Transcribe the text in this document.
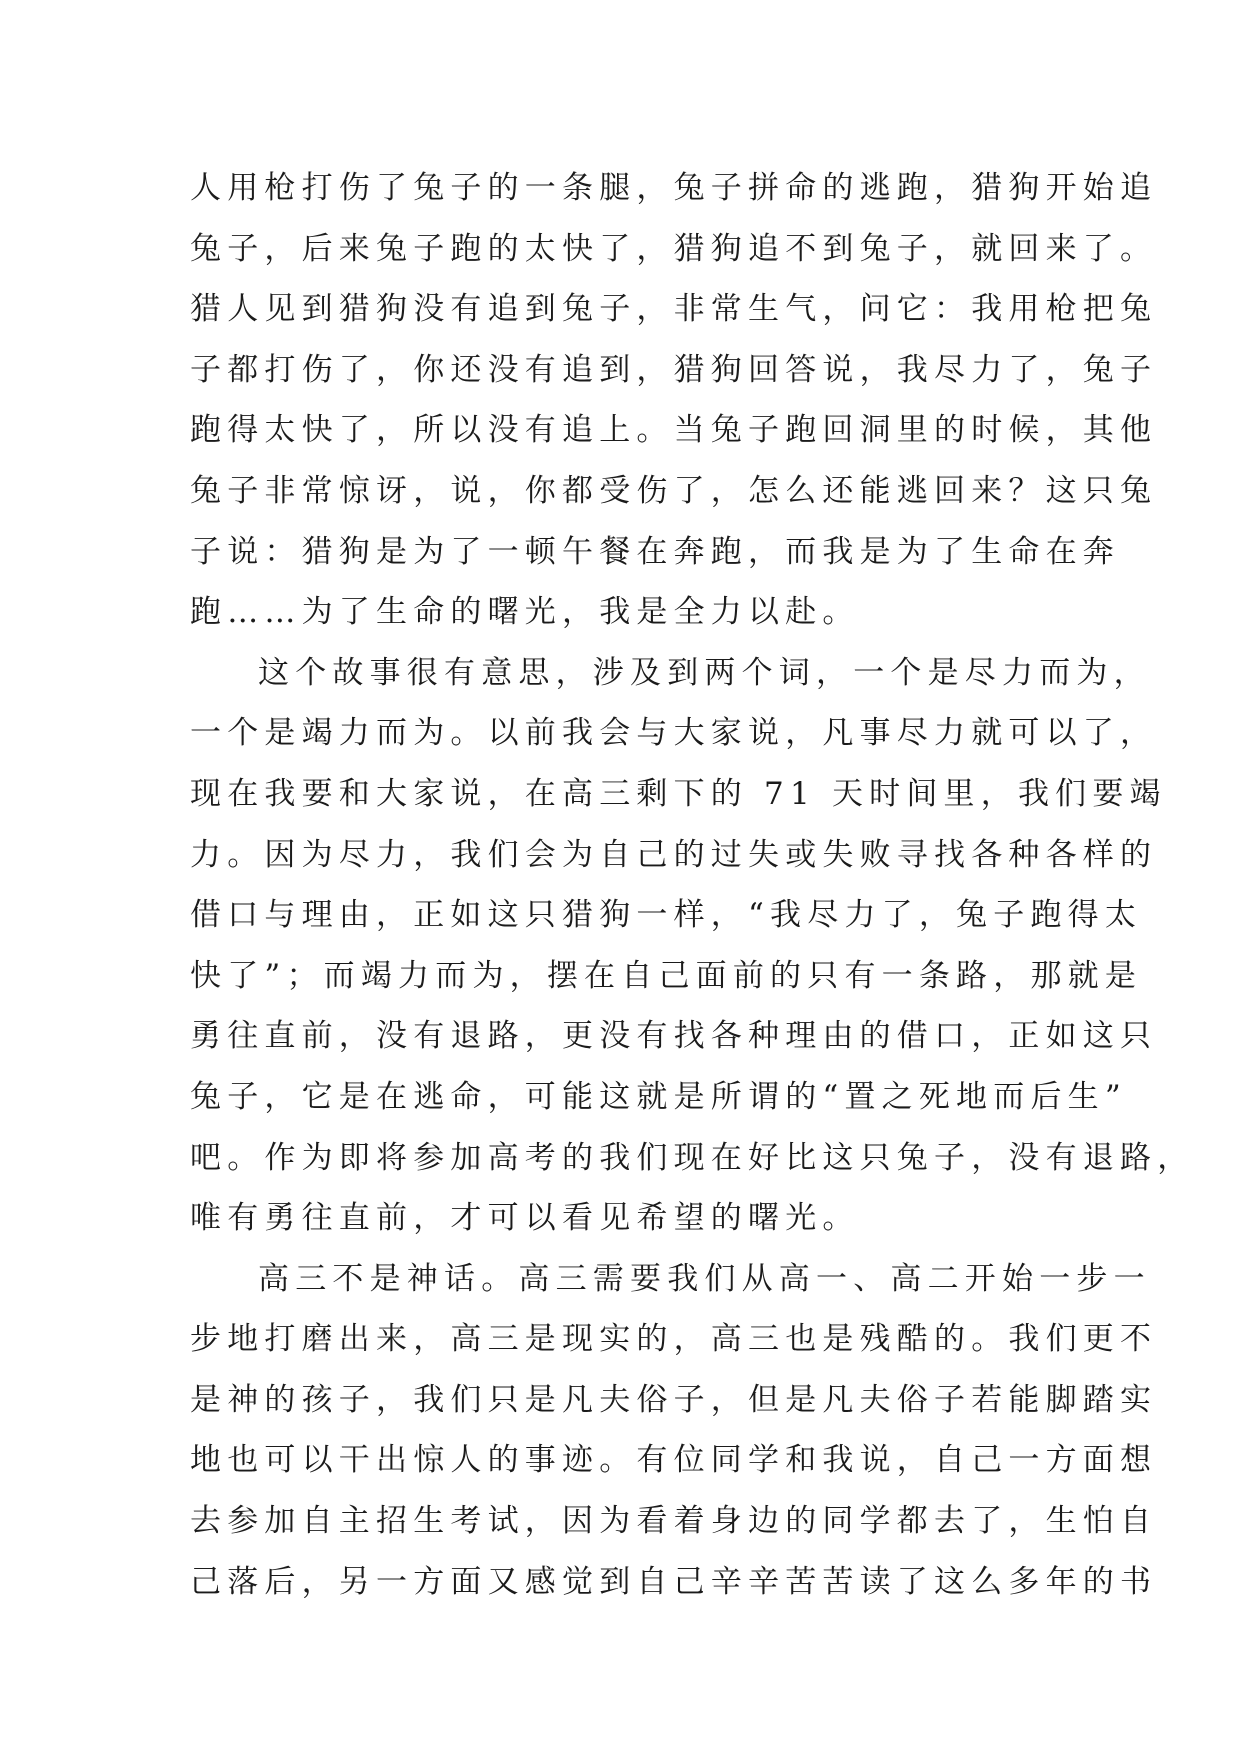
人用枪打伤了兔子的一条腿，兔子拼命的逃跑，猎狗开始追
兔子，后来兔子跑的太快了，猎狗追不到兔子，就回来了。
猎人见到猎狗没有追到兔子，非常生气，问它：我用枪把兔
子都打伤了，你还没有追到，猎狗回答说，我尽力了，兔子
跑得太快了，所以没有追上。当兔子跑回洞里的时候，其他
兔子非常惊讶，说，你都受伤了，怎么还能逃回来？这只兔
子说：猎狗是为了一顿午餐在奔跑，而我是为了生命在奔
跑……为了生命的曙光，我是全力以赴。
这个故事很有意思，涉及到两个词，一个是尽力而为，
一个是竭力而为。以前我会与大家说，凡事尽力就可以了，
现在我要和大家说，在高三剩下的 71 天时间里，我们要竭
力。因为尽力，我们会为自己的过失或失败寻找各种各样的
借口与理由，正如这只猎狗一样，“我尽力了，兔子跑得太
快了”；而竭力而为，摆在自己面前的只有一条路，那就是
勇往直前，没有退路，更没有找各种理由的借口，正如这只
兔子，它是在逃命，可能这就是所谓的“置之死地而后生”
吧。作为即将参加高考的我们现在好比这只兔子，没有退路，
唯有勇往直前，才可以看见希望的曙光。
高三不是神话。高三需要我们从高一、高二开始一步一
步地打磨出来，高三是现实的，高三也是残酷的。我们更不
是神的孩子，我们只是凡夫俗子，但是凡夫俗子若能脚踏实
地也可以干出惊人的事迹。有位同学和我说，自己一方面想
去参加自主招生考试，因为看着身边的同学都去了，生怕自
己落后，另一方面又感觉到自己辛辛苦苦读了这么多年的书
